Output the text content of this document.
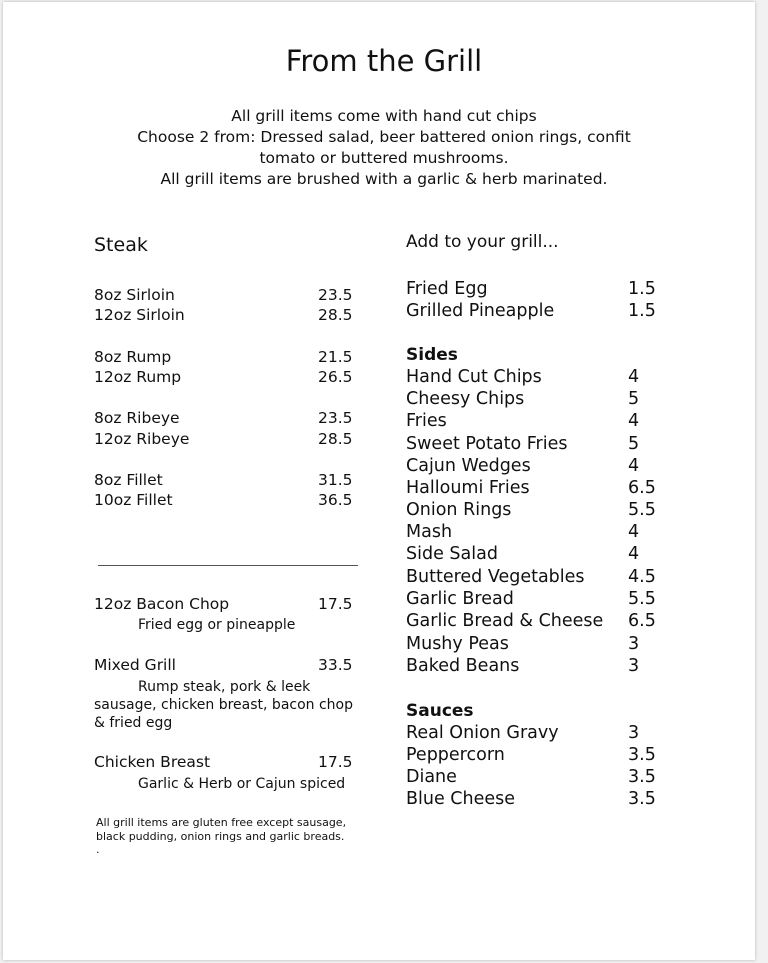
From the Grill
All grill items come with hand cut chips
Choose 2 from: Dressed salad, beer battered onion rings, confit
tomato or buttered mushrooms.
All grill items are brushed with a garlic & herb marinated.
Steak
8oz Sirloin	23.5
12oz Sirloin	28.5
8oz Rump	21.5
12oz Rump	26.5
8oz Ribeye	23.5
12oz Ribeye	28.5
8oz Fillet	31.5
10oz Fillet	36.5
12oz Bacon Chop	17.5
Fried egg or pineapple
Mixed Grill	33.5
Rump steak, pork & leek
sausage, chicken breast, bacon chop
& fried egg
Chicken Breast	17.5
Garlic & Herb or Cajun spiced
All grill items are gluten free except sausage,
black pudding, onion rings and garlic breads.
.
Add to your grill...
Fried Egg	1.5
Grilled Pineapple	1.5
Sides
Hand Cut Chips	4
Cheesy Chips	5
Fries	4
Sweet Potato Fries	5
Cajun Wedges	4
Halloumi Fries	6.5
Onion Rings	5.5
Mash	4
Side Salad	4
Buttered Vegetables 4.5
Garlic Bread	5.5
Garlic Bread & Cheese 6.5
Mushy Peas	3
Baked Beans	3
Sauces
Real Onion Gravy	3
Peppercorn	3.5
Diane	3.5
Blue Cheese	3.5
